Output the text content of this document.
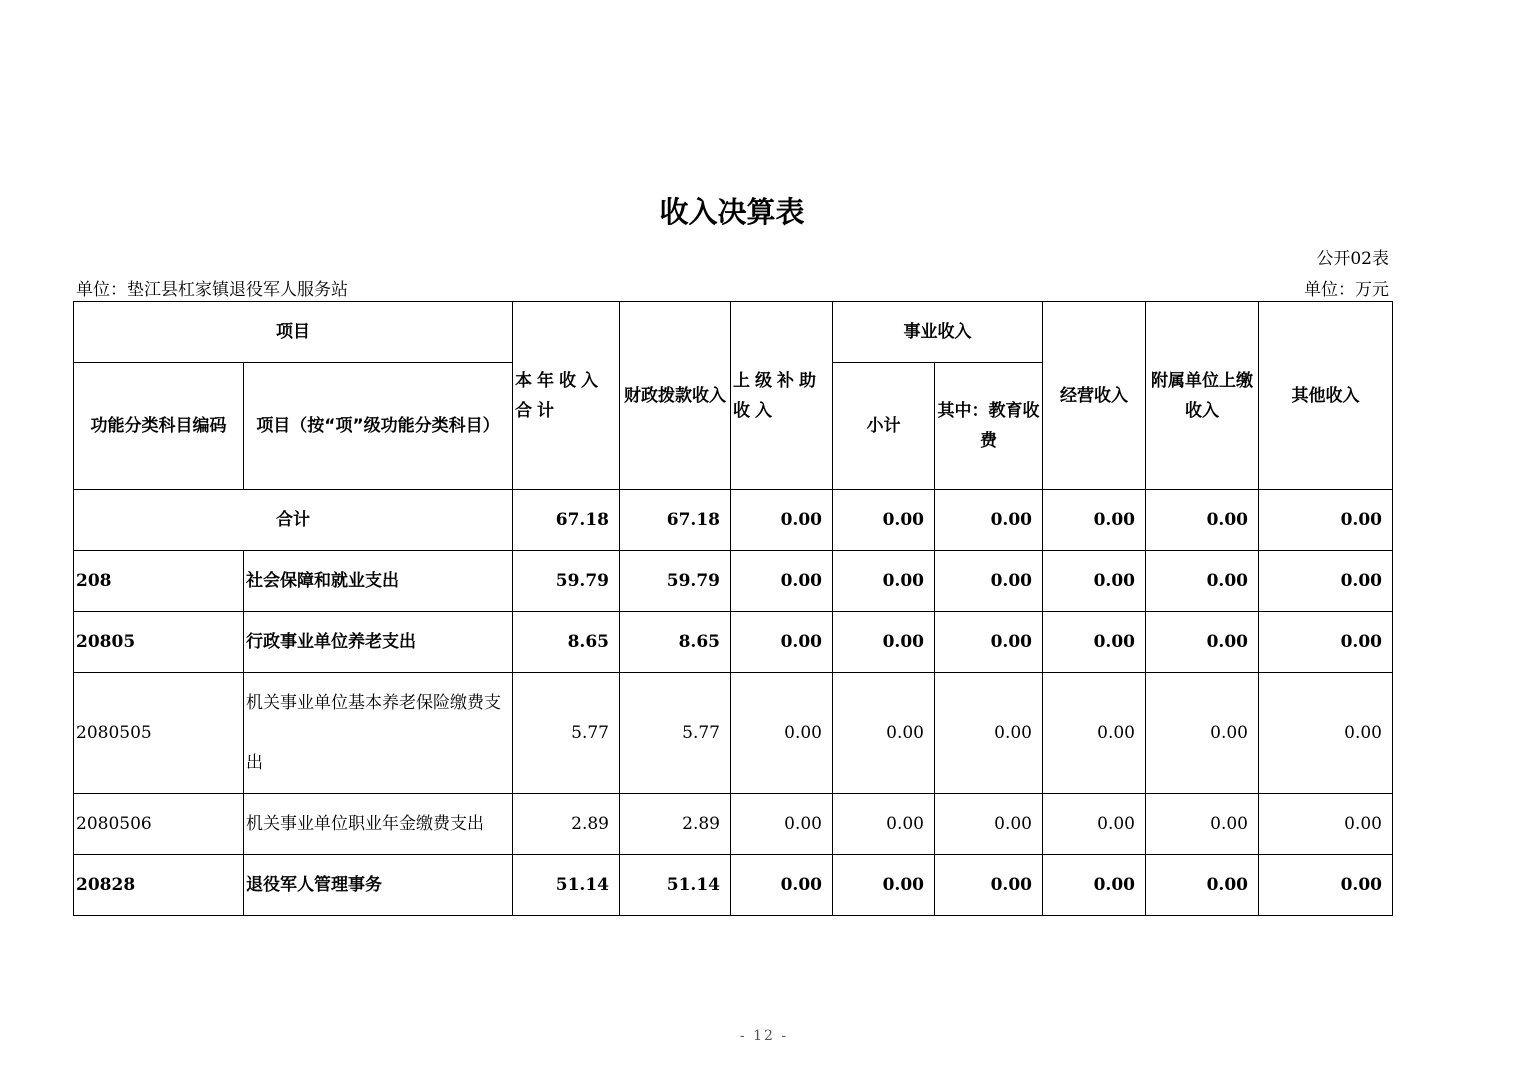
收入决算表
公开02表
单位：垫江县杠家镇退役军人服务站	单位：万元
项目		本年收入合计	财政拨款收入	上级补助收入	事业收入		经营收入	附属单位上缴收入	其他收入
功能分类科目编码	项目（按“项”级功能分类科目）				小计	其中：教育收费			
合计		67.18	67.18	0.00	0.00	0.00	0.00	0.00	0.00
208	社会保障和就业支出	59.79	59.79	0.00	0.00	0.00	0.00	0.00	0.00
20805	行政事业单位养老支出	8.65	8.65	0.00	0.00	0.00	0.00	0.00	0.00
2080505	机关事业单位基本养老保险缴费支出	5.77	5.77	0.00	0.00	0.00	0.00	0.00	0.00
2080506	机关事业单位职业年金缴费支出	2.89	2.89	0.00	0.00	0.00	0.00	0.00	0.00
20828	退役军人管理事务	51.14	51.14	0.00	0.00	0.00	0.00	0.00	0.00
- 12 -
